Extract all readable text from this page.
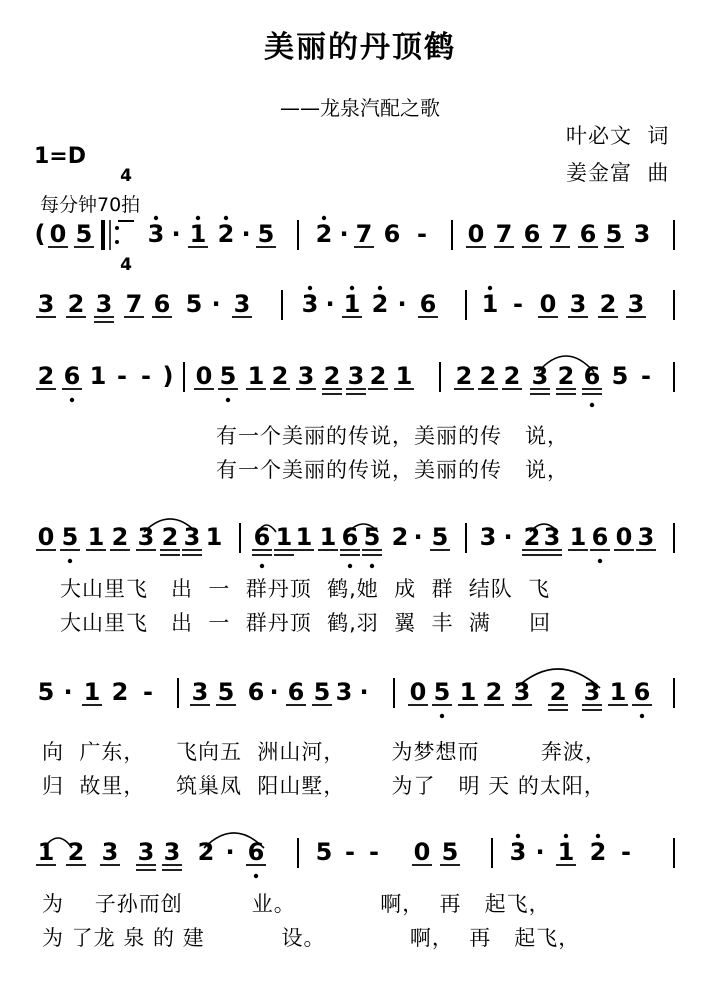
美丽的丹顶鹤
——龙泉汽配之歌
叶必文  词
姜金富  曲
1=D

4

4

每分钟70拍
( 0 5 3 · 1 2 · 5 2 · 7 6 - 0 7 6 7 6 5 3
3 2 3 7 6 5 · 3 3 · 1 2 · 6 1 - 0 3 2 3
2 6 1 - - ) 0 5 1 2 3 2 3 2 1 2 2 2 3 2 6 5 -
0 5 1 2 3 2 3 1 6 1 1 1 6 5 2 · 5 3 · 2 3 1 6 0 3
5 · 1 2 - 3 5 6 · 6 5 3 · 0 5 1 2 3 2 3 1 6
1 2 3 3 3 2 · 6 5 - - 0 5 3 · 1 2 -
有一个美丽的传说，美丽的传   说，
有一个美丽的传说，美丽的传   说，
大山里飞   出  一  群丹顶  鹤,她  成  群  结队  飞
大山里飞   出  一  群丹顶  鹤,羽  翼  丰  满     回
向  广东，    飞向五  洲山河，      为梦想而        奔波，
归  故里，    筑巢凤  阳山墅，      为了   明 天 的太阳，
为    子孙而创         业。           啊，  再   起飞，
为 了龙 泉 的 建          设。           啊，  再   起飞，
